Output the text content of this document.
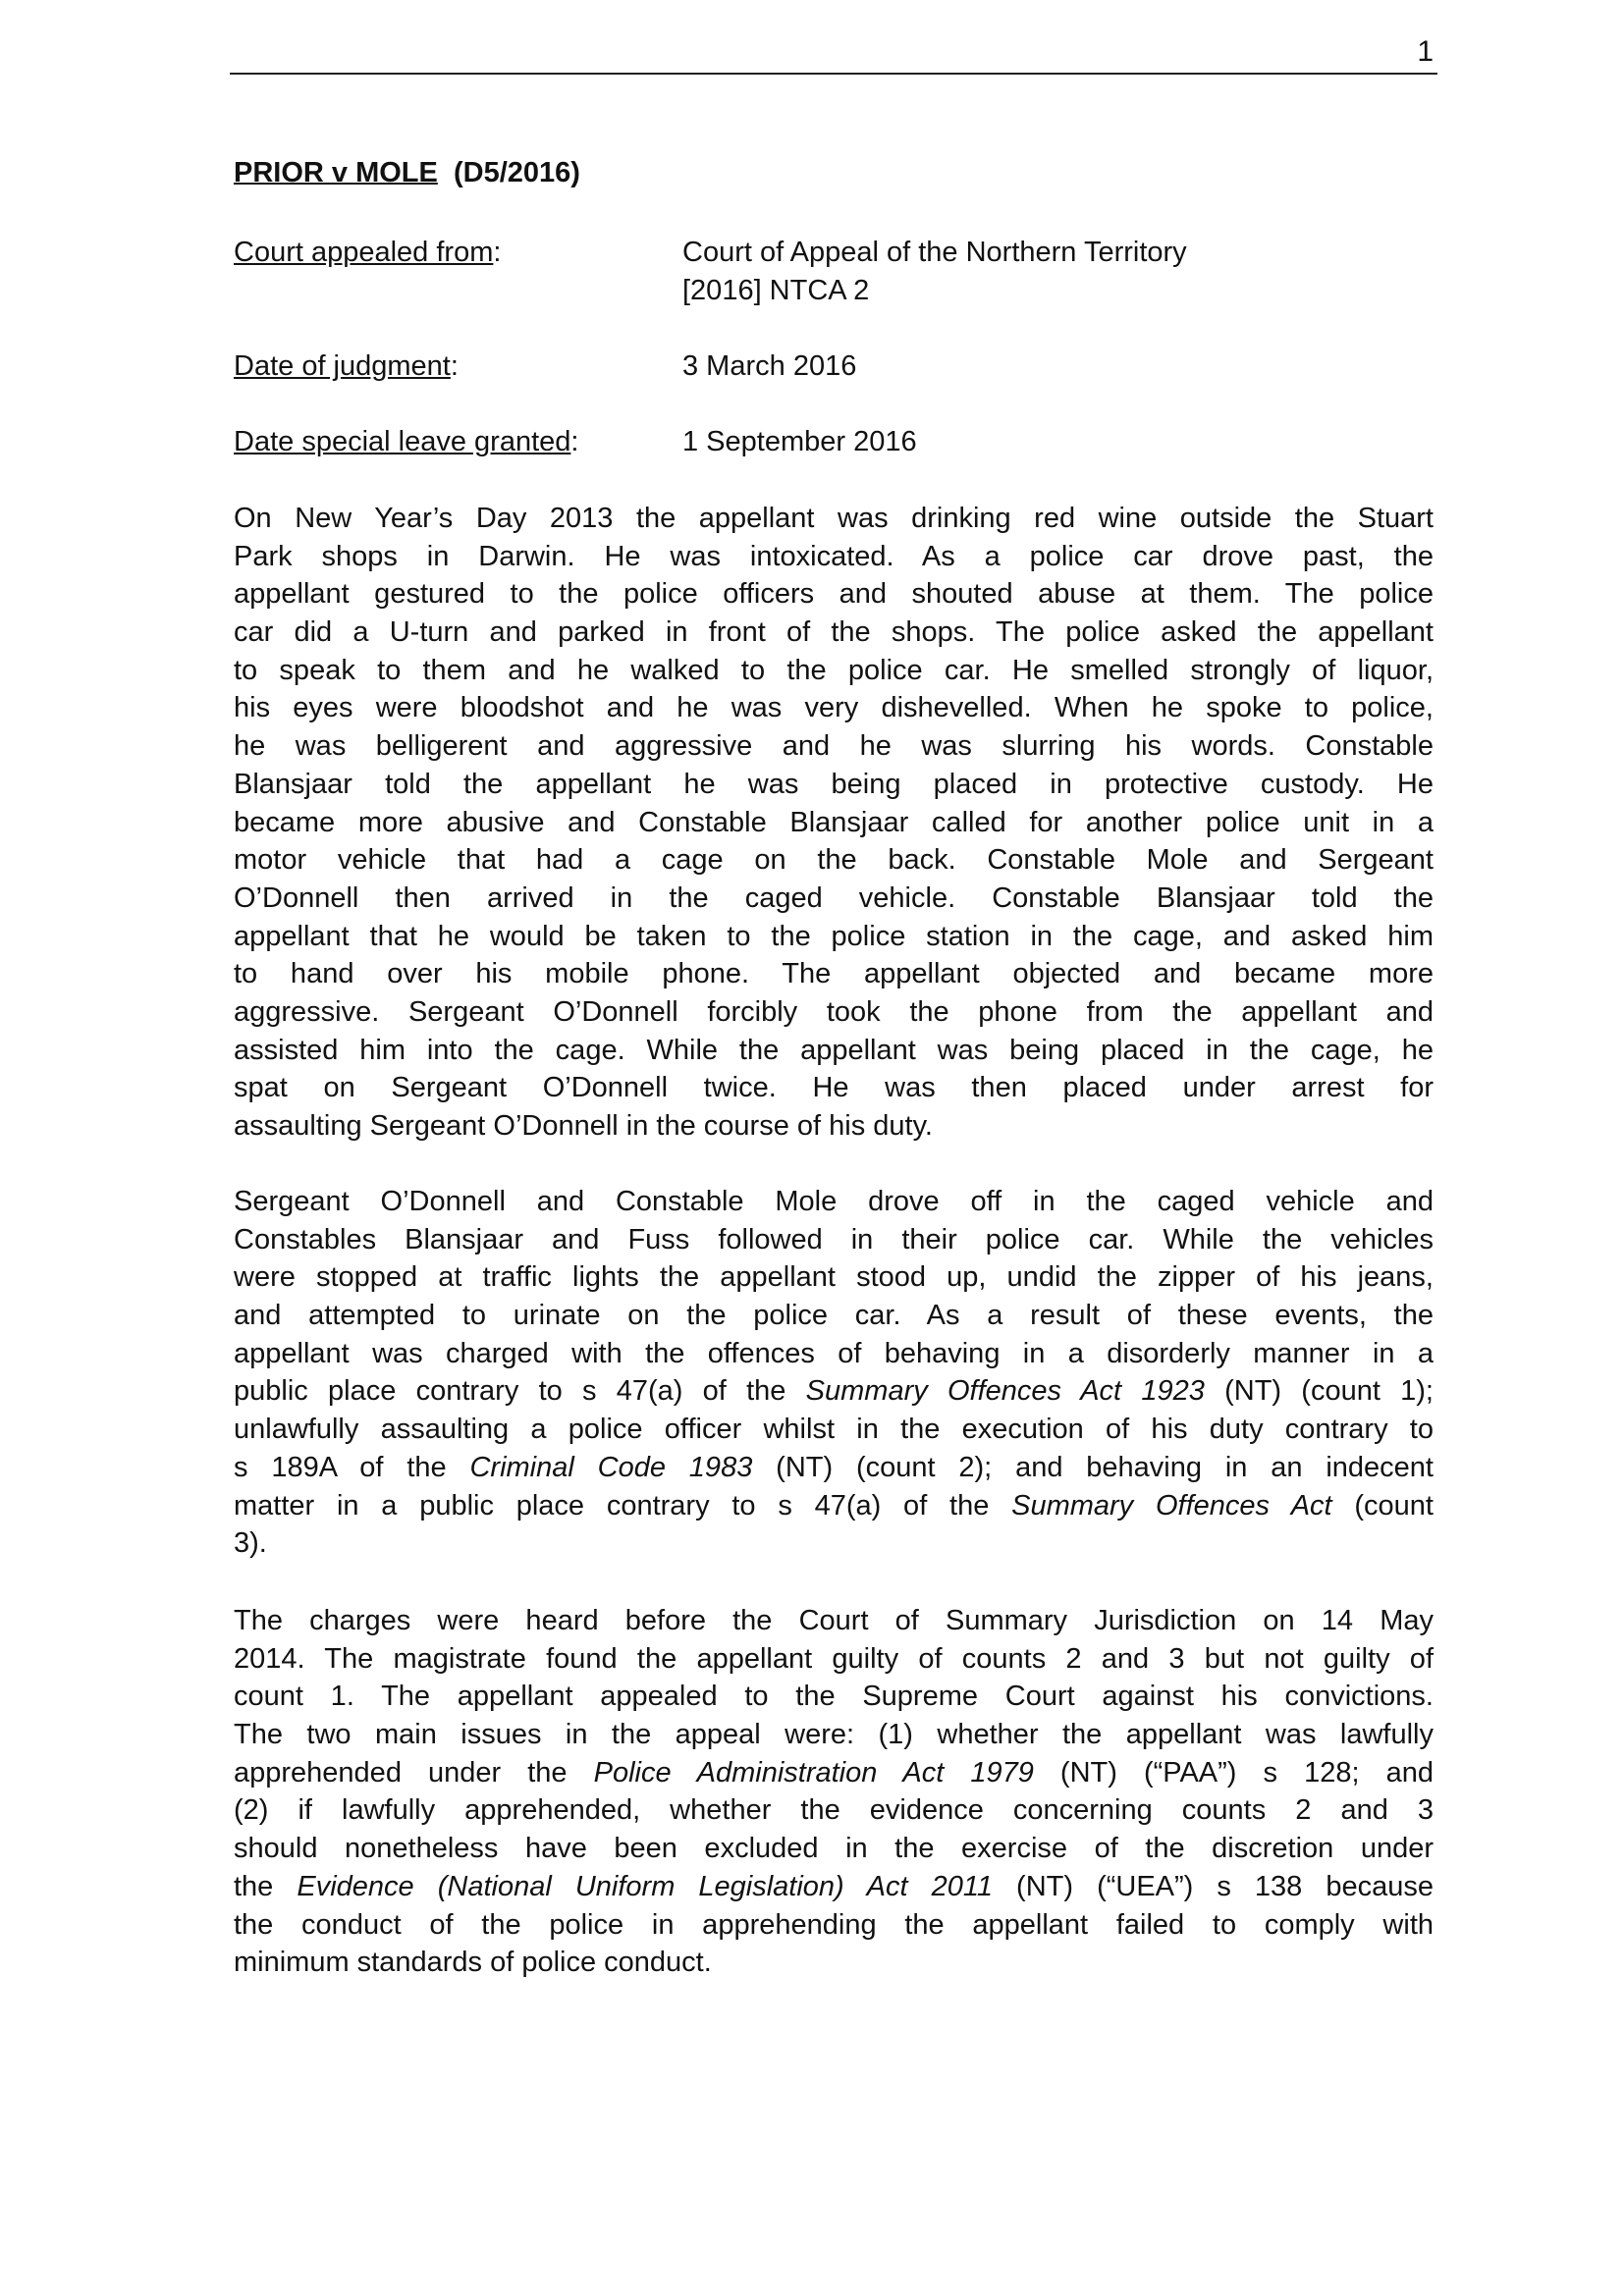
1
PRIOR v MOLE (D5/2016)
Court appealed from:	Court of Appeal of the Northern Territory
[2016] NTCA 2
Date of judgment:	3 March 2016
Date special leave granted:	1 September 2016
On New Year’s Day 2013 the appellant was drinking red wine outside the Stuart
Park shops in Darwin. He was intoxicated. As a police car drove past, the
appellant gestured to the police officers and shouted abuse at them. The police
car did a U-turn and parked in front of the shops. The police asked the appellant
to speak to them and he walked to the police car. He smelled strongly of liquor,
his eyes were bloodshot and he was very dishevelled. When he spoke to police,
he was belligerent and aggressive and he was slurring his words. Constable
Blansjaar told the appellant he was being placed in protective custody. He
became more abusive and Constable Blansjaar called for another police unit in a
motor vehicle that had a cage on the back. Constable Mole and Sergeant
O’Donnell then arrived in the caged vehicle. Constable Blansjaar told the
appellant that he would be taken to the police station in the cage, and asked him
to hand over his mobile phone. The appellant objected and became more
aggressive. Sergeant O’Donnell forcibly took the phone from the appellant and
assisted him into the cage. While the appellant was being placed in the cage, he
spat on Sergeant O’Donnell twice. He was then placed under arrest for
assaulting Sergeant O’Donnell in the course of his duty.
Sergeant O’Donnell and Constable Mole drove off in the caged vehicle and
Constables Blansjaar and Fuss followed in their police car. While the vehicles
were stopped at traffic lights the appellant stood up, undid the zipper of his jeans,
and attempted to urinate on the police car. As a result of these events, the
appellant was charged with the offences of behaving in a disorderly manner in a
public place contrary to s 47(a) of the Summary Offences Act 1923 (NT) (count 1);
unlawfully assaulting a police officer whilst in the execution of his duty contrary to
s 189A of the Criminal Code 1983 (NT) (count 2); and behaving in an indecent
matter in a public place contrary to s 47(a) of the Summary Offences Act (count
3).
The charges were heard before the Court of Summary Jurisdiction on 14 May
2014. The magistrate found the appellant guilty of counts 2 and 3 but not guilty of
count 1. The appellant appealed to the Supreme Court against his convictions.
The two main issues in the appeal were: (1) whether the appellant was lawfully
apprehended under the Police Administration Act 1979 (NT) (“PAA”) s 128; and
(2) if lawfully apprehended, whether the evidence concerning counts 2 and 3
should nonetheless have been excluded in the exercise of the discretion under
the Evidence (National Uniform Legislation) Act 2011 (NT) (“UEA”) s 138 because
the conduct of the police in apprehending the appellant failed to comply with
minimum standards of police conduct.
